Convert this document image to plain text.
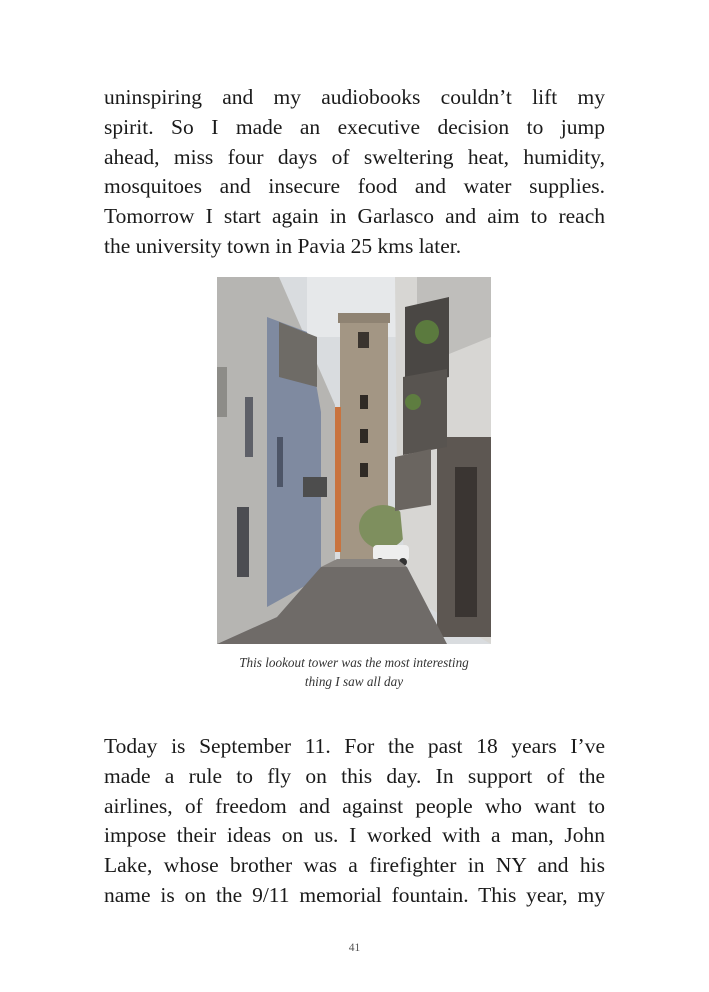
uninspiring and my audiobooks couldn’t lift my
spirit. So I made an executive decision to jump
ahead, miss four days of sweltering heat, humidity,
mosquitoes and insecure food and water supplies.
Tomorrow I start again in Garlasco and aim to reach
the university town in Pavia 25 kms later.
This lookout tower was the most interesting
thing I saw all day
Today is September 11. For the past 18 years I’ve
made a rule to fly on this day. In support of the
airlines, of freedom and against people who want to
impose their ideas on us. I worked with a man, John
Lake, whose brother was a firefighter in NY and his
name is on the 9/11 memorial fountain. This year, my
41
